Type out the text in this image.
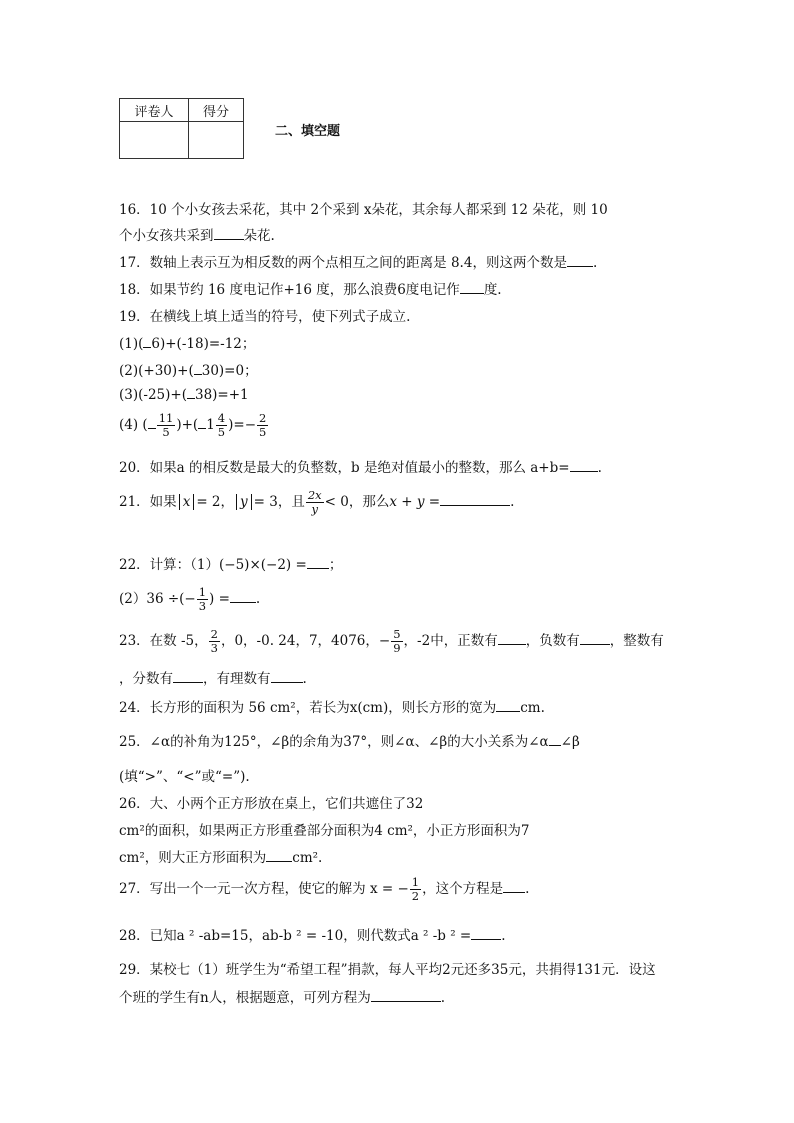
评卷人	得分

二、填空题
16．10 个小女孩去采花，其中 2个采到 x朵花，其余每人都采到 12 朵花，则 10
个小女孩共采到 朵花.
17．数轴上表示互为相反数的两个点相互之间的距离是 8.4，则这两个数是 .
18．如果节约 16 度电记作+16 度，那么浪费6度电记作 度.
19．在横线上填上适当的符号，使下列式子成立.
(1)( 6)+(-18)=-12；
(2)(+30)+( 30)=0；
(3)(-25)+( 38)=+1
(4) ( $\frac{11}{5}$ )+( $1 \frac{4}{5}$ )=− $\frac{2}{5}$
20．如果a 的相反数是最大的负整数，b 是绝对值最小的整数，那么 a+b= .
21．如果 x = 2， y = 3，且 $\frac{2x}{y} < 0$，那么x + y =	.
22．计算：（1）(−5)×(−2) = ；
(2）36 ÷(− $\frac{1}{3}$ ) = .
23．在数 -5， $\frac{2}{3}$ ，0，-0. 24，7，4076，− $\frac{5}{9}$ ，-2中，正数有 ，负数有 ，整数有
，分数有 ，有理数有 .
24．长方形的面积为 56 cm²，若长为x(cm)，则长方形的宽为 cm.
25．∠α的补角为125°，∠β的余角为37°，则∠α、∠β的大小关系为∠α ∠β
(填“>”、“<”或“=”).
26．大、小两个正方形放在桌上，它们共遮住了32
cm²的面积，如果两正方形重叠部分面积为4 cm²，小正方形面积为7
cm²，则大正方形面积为 cm².
27．写出一个一元一次方程，使它的解为 x = − $\frac{1}{2}$ ，这个方程是 .
28．已知a ² -ab=15，ab-b ² = -10，则代数式a ² -b ² = .
29．某校七（1）班学生为“希望工程”捐款，每人平均2元还多35元，共捐得131元．设这
个班的学生有n人，根据题意，可列方程为	.
